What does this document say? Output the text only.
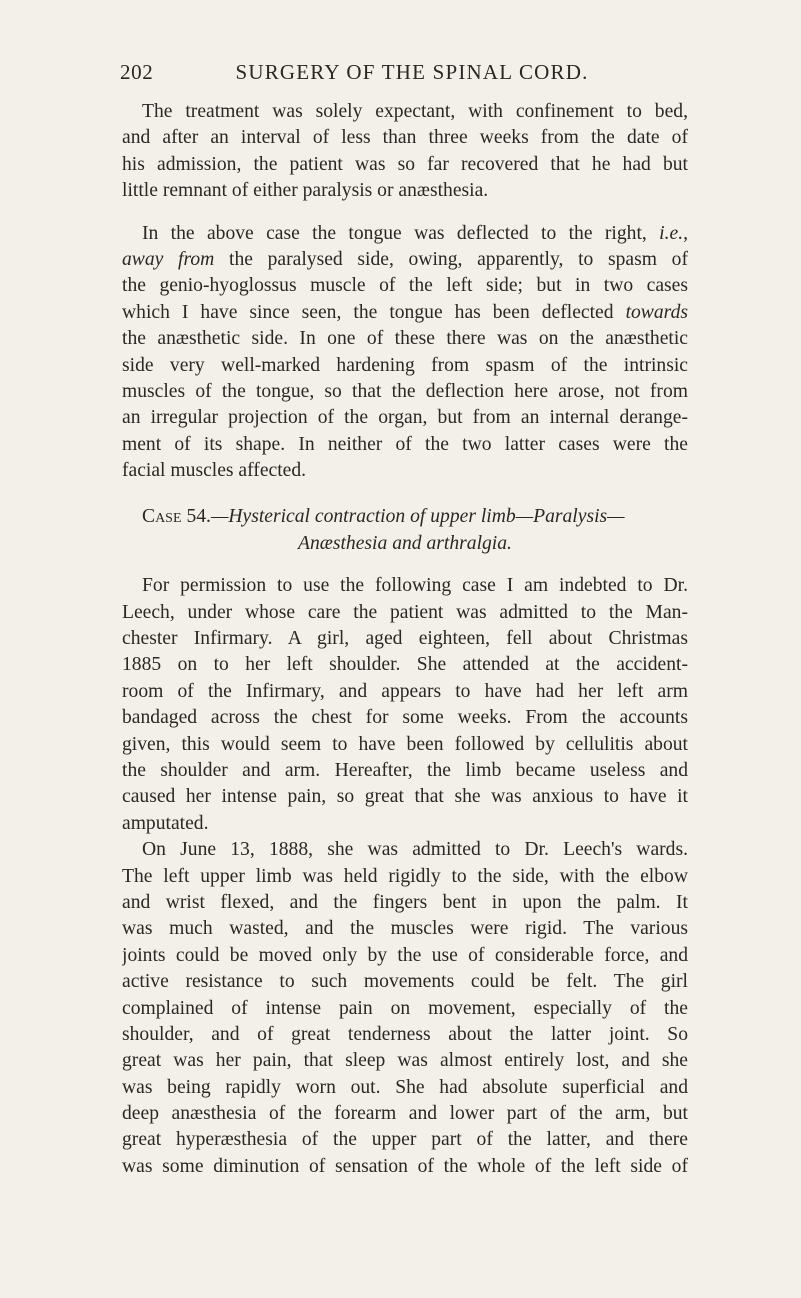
202	SURGERY OF THE SPINAL CORD.
The treatment was solely expectant, with confinement to bed,
and after an interval of less than three weeks from the date of
his admission, the patient was so far recovered that he had but
little remnant of either paralysis or anæsthesia.
In the above case the tongue was deflected to the right, i.e.,
away from the paralysed side, owing, apparently, to spasm of
the genio-hyoglossus muscle of the left side; but in two cases
which I have since seen, the tongue has been deflected towards
the anæsthetic side. In one of these there was on the anæsthetic
side very well-marked hardening from spasm of the intrinsic
muscles of the tongue, so that the deflection here arose, not from
an irregular projection of the organ, but from an internal derange-
ment of its shape. In neither of the two latter cases were the
facial muscles affected.
Case 54.—Hysterical contraction of upper limb—Paralysis—
Anæsthesia and arthralgia.
For permission to use the following case I am indebted to Dr.
Leech, under whose care the patient was admitted to the Man-
chester Infirmary. A girl, aged eighteen, fell about Christmas
1885 on to her left shoulder. She attended at the accident-
room of the Infirmary, and appears to have had her left arm
bandaged across the chest for some weeks. From the accounts
given, this would seem to have been followed by cellulitis about
the shoulder and arm. Hereafter, the limb became useless and
caused her intense pain, so great that she was anxious to have it
amputated.
On June 13, 1888, she was admitted to Dr. Leech's wards.
The left upper limb was held rigidly to the side, with the elbow
and wrist flexed, and the fingers bent in upon the palm. It
was much wasted, and the muscles were rigid. The various
joints could be moved only by the use of considerable force, and
active resistance to such movements could be felt. The girl
complained of intense pain on movement, especially of the
shoulder, and of great tenderness about the latter joint. So
great was her pain, that sleep was almost entirely lost, and she
was being rapidly worn out. She had absolute superficial and
deep anæsthesia of the forearm and lower part of the arm, but
great hyperæsthesia of the upper part of the latter, and there
was some diminution of sensation of the whole of the left side of
